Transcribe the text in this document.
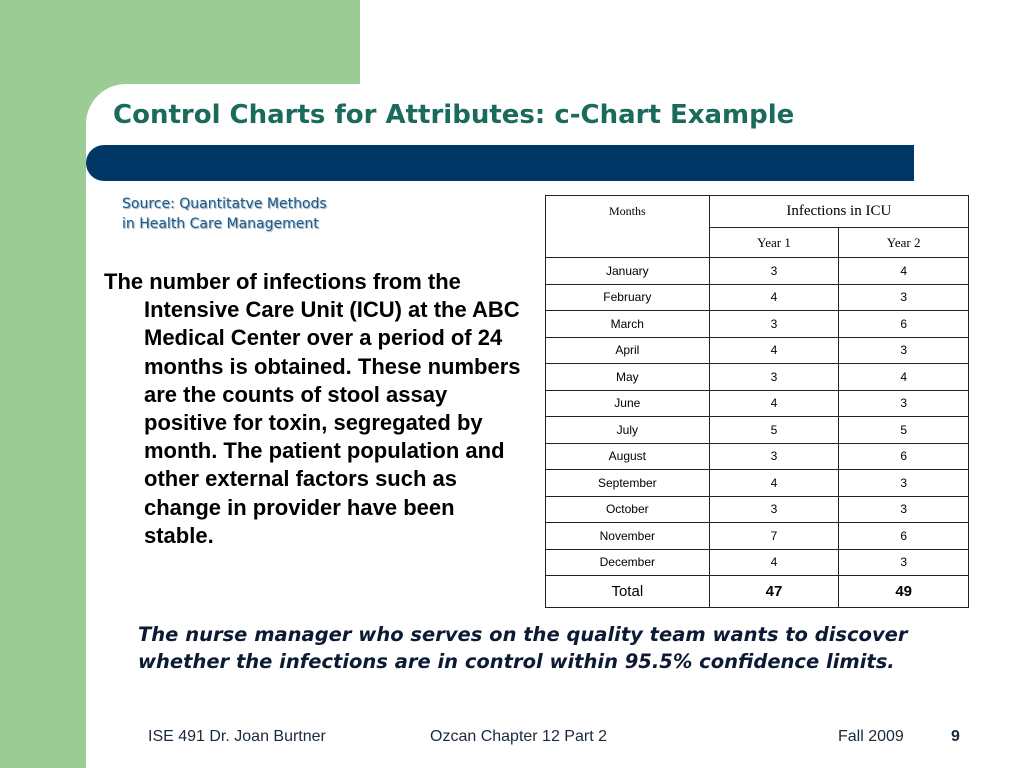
Control Charts for Attributes: c-Chart Example
Source: Quantitatve Methods
in Health Care Management
The number of infections from the Intensive Care Unit (ICU) at the ABC Medical Center over a period of 24 months is obtained. These numbers are the counts of stool assay positive for toxin, segregated by month. The patient population and other external factors such as change in provider have been stable.
Months	Infections in ICU	
	Year 1	Year 2
January	3	4
February	4	3
March	3	6
April	4	3
May	3	4
June	4	3
July	5	5
August	3	6
September	4	3
October	3	3
November	7	6
December	4	3
Total	47	49
The nurse manager who serves on the quality team wants to discover whether the infections are in control within 95.5% confidence limits.
ISE 491 Dr. Joan Burtner	Ozcan Chapter 12 Part 2	Fall 2009	9
